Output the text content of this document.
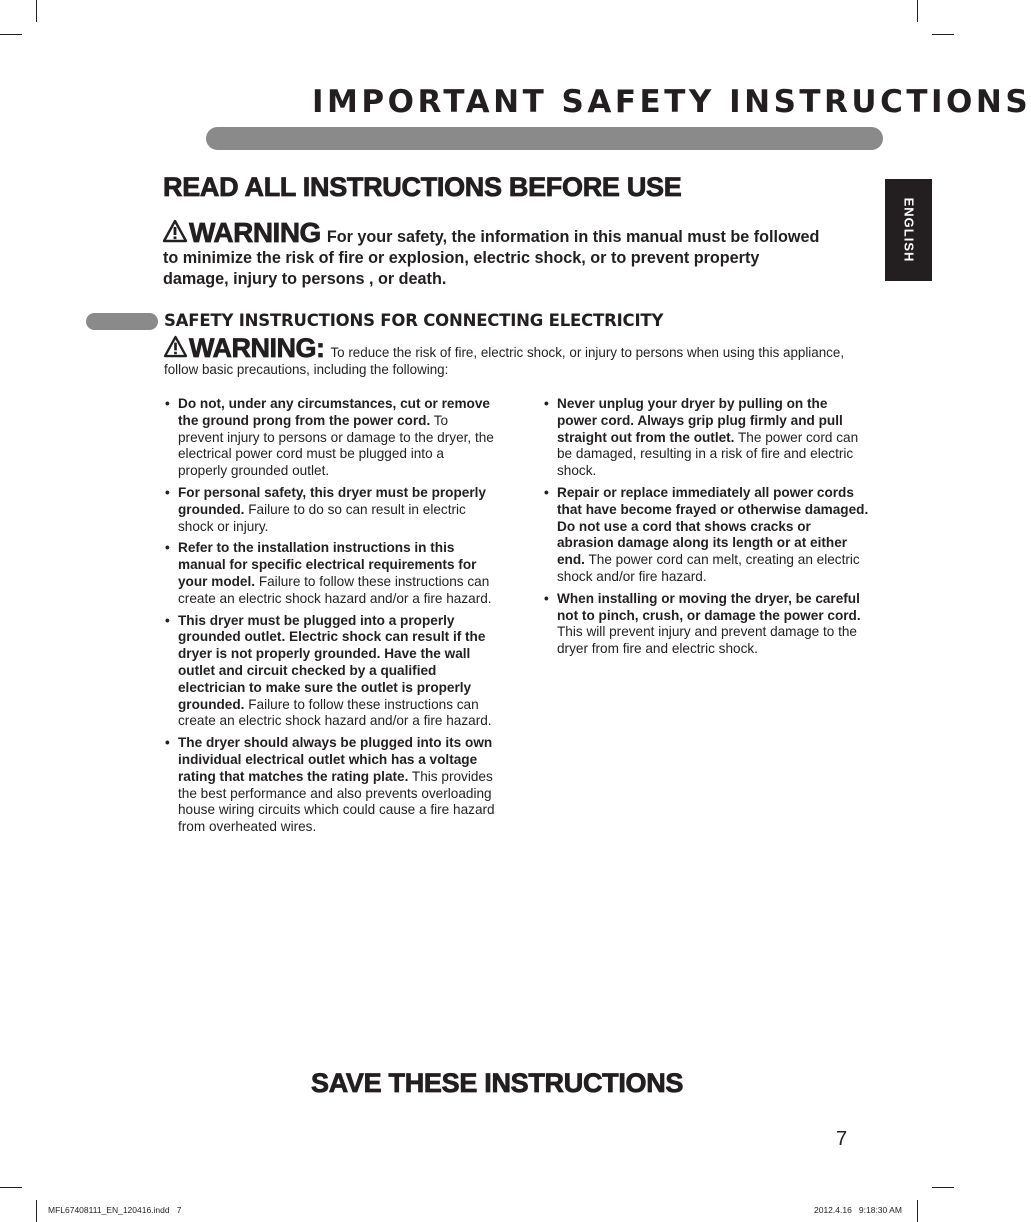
IMPORTANT SAFETY INSTRUCTIONS
READ ALL INSTRUCTIONS BEFORE USE
ENGLISH

WARNING For your safety, the information in this manual must be followed to minimize the risk of fire or explosion, electric shock, or to prevent property damage, injury to persons , or death.

SAFETY INSTRUCTIONS FOR CONNECTING ELECTRICITY

WARNING: To reduce the risk of fire, electric shock, or injury to persons when using this appliance, follow basic precautions, including the following:

• Do not, under any circumstances, cut or remove the ground prong from the power cord. To prevent injury to persons or damage to the dryer, the electrical power cord must be plugged into a properly grounded outlet.
• For personal safety, this dryer must be properly grounded. Failure to do so can result in electric shock or injury.
• Refer to the installation instructions in this manual for specific electrical requirements for your model. Failure to follow these instructions can create an electric shock hazard and/or a fire hazard.
• This dryer must be plugged into a properly grounded outlet. Electric shock can result if the dryer is not properly grounded. Have the wall outlet and circuit checked by a qualified electrician to make sure the outlet is properly grounded. Failure to follow these instructions can create an electric shock hazard and/or a fire hazard.
• The dryer should always be plugged into its own individual electrical outlet which has a voltage rating that matches the rating plate. This provides the best performance and also prevents overloading house wiring circuits which could cause a fire hazard from overheated wires.
• Never unplug your dryer by pulling on the power cord. Always grip plug firmly and pull straight out from the outlet. The power cord can be damaged, resulting in a risk of fire and electric shock.
• Repair or replace immediately all power cords that have become frayed or otherwise damaged. Do not use a cord that shows cracks or abrasion damage along its length or at either end. The power cord can melt, creating an electric shock and/or fire hazard.
• When installing or moving the dryer, be careful not to pinch, crush, or damage the power cord. This will prevent injury and prevent damage to the dryer from fire and electric shock.
SAVE THESE INSTRUCTIONS
7
MFL67408111_EN_120416.indd   7	2012.4.16   9:18:30 AM
